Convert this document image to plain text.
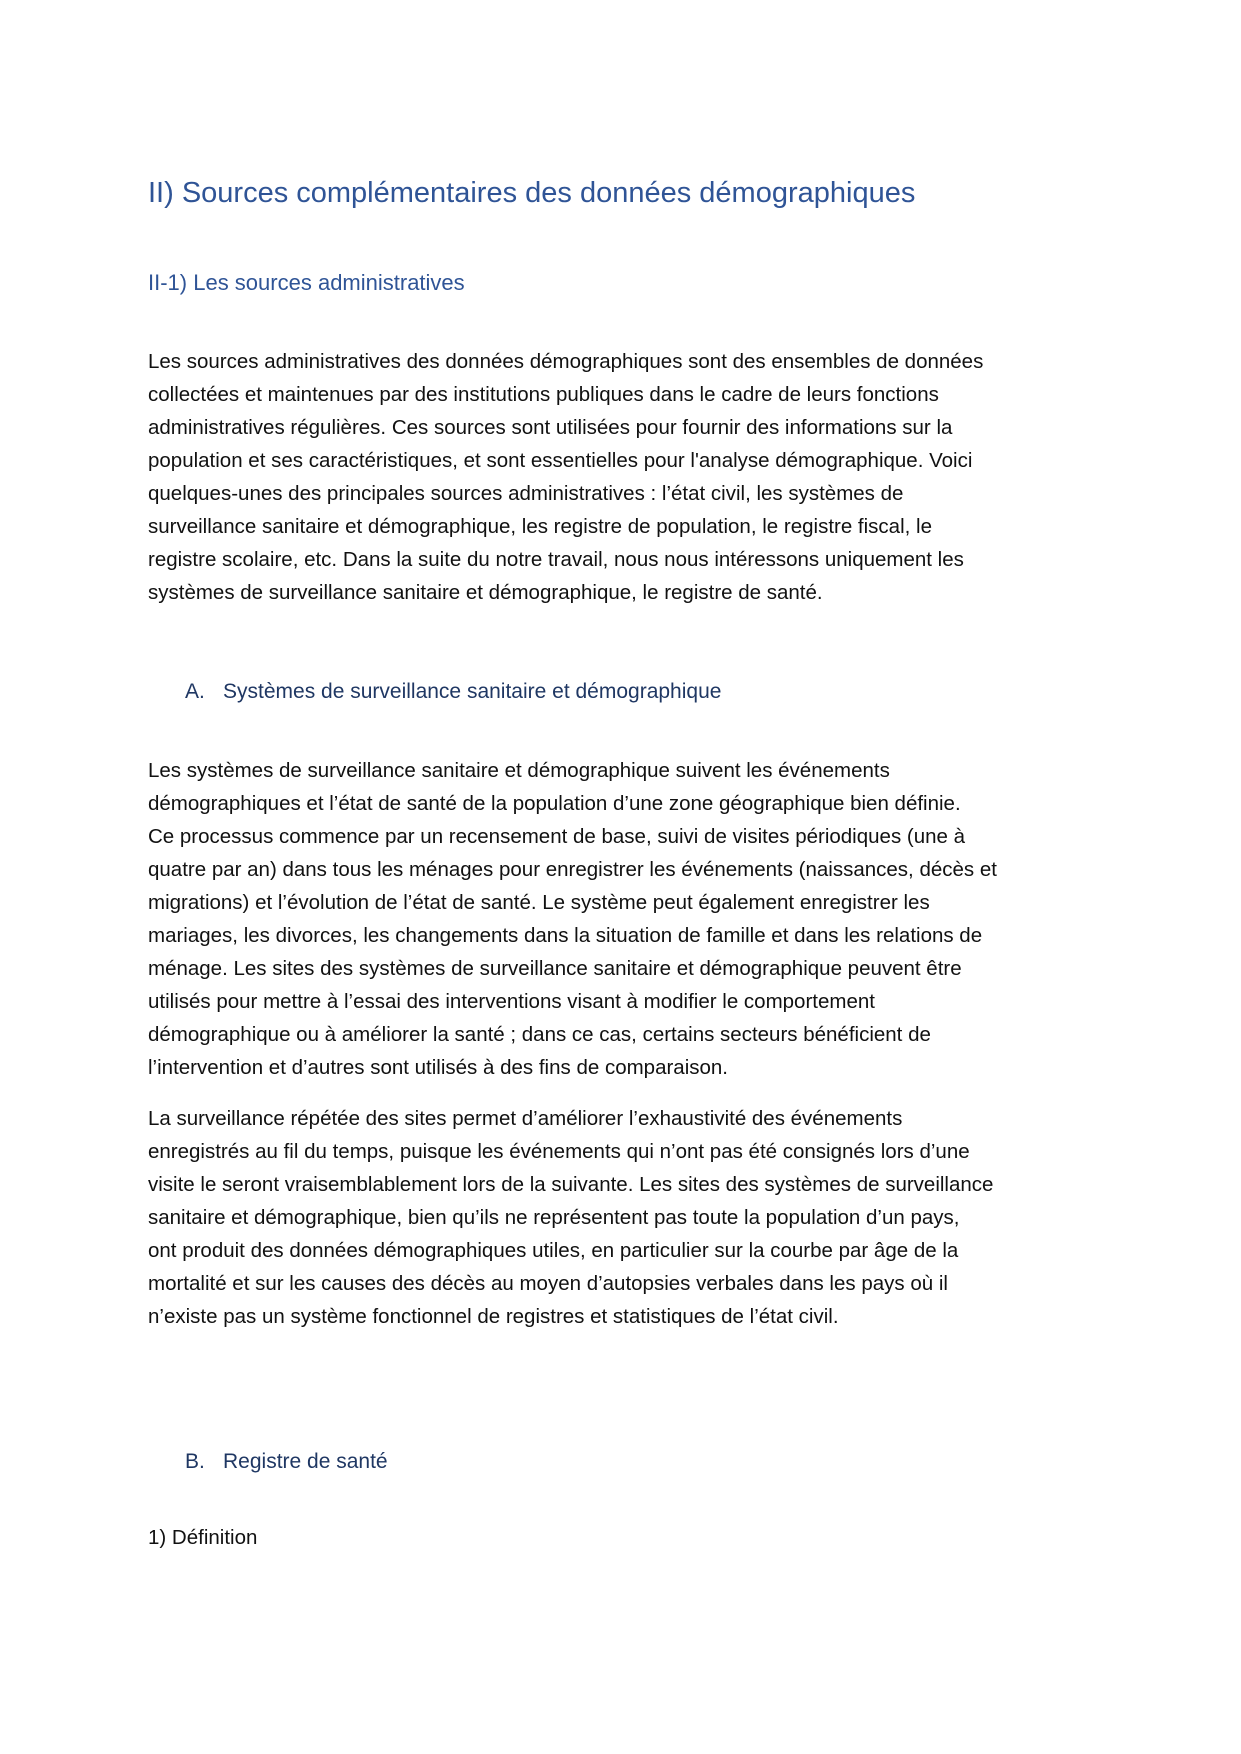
II) Sources complémentaires des données démographiques
II-1) Les sources administratives
Les sources administratives des données démographiques sont des ensembles de données
collectées et maintenues par des institutions publiques dans le cadre de leurs fonctions
administratives régulières. Ces sources sont utilisées pour fournir des informations sur la
population et ses caractéristiques, et sont essentielles pour l'analyse démographique. Voici
quelques-unes des principales sources administratives : l’état civil, les systèmes de
surveillance sanitaire et démographique, les registre de population, le registre fiscal, le
registre scolaire, etc. Dans la suite du notre travail, nous nous intéressons uniquement les
systèmes de surveillance sanitaire et démographique, le registre de santé.
A. Systèmes de surveillance sanitaire et démographique
Les systèmes de surveillance sanitaire et démographique suivent les événements
démographiques et l’état de santé de la population d’une zone géographique bien définie.
Ce processus commence par un recensement de base, suivi de visites périodiques (une à
quatre par an) dans tous les ménages pour enregistrer les événements (naissances, décès et
migrations) et l’évolution de l’état de santé. Le système peut également enregistrer les
mariages, les divorces, les changements dans la situation de famille et dans les relations de
ménage. Les sites des systèmes de surveillance sanitaire et démographique peuvent être
utilisés pour mettre à l’essai des interventions visant à modifier le comportement
démographique ou à améliorer la santé ; dans ce cas, certains secteurs bénéficient de
l’intervention et d’autres sont utilisés à des fins de comparaison.
La surveillance répétée des sites permet d’améliorer l’exhaustivité des événements
enregistrés au fil du temps, puisque les événements qui n’ont pas été consignés lors d’une
visite le seront vraisemblablement lors de la suivante. Les sites des systèmes de surveillance
sanitaire et démographique, bien qu’ils ne représentent pas toute la population d’un pays,
ont produit des données démographiques utiles, en particulier sur la courbe par âge de la
mortalité et sur les causes des décès au moyen d’autopsies verbales dans les pays où il
n’existe pas un système fonctionnel de registres et statistiques de l’état civil.
B. Registre de santé

1) Définition
